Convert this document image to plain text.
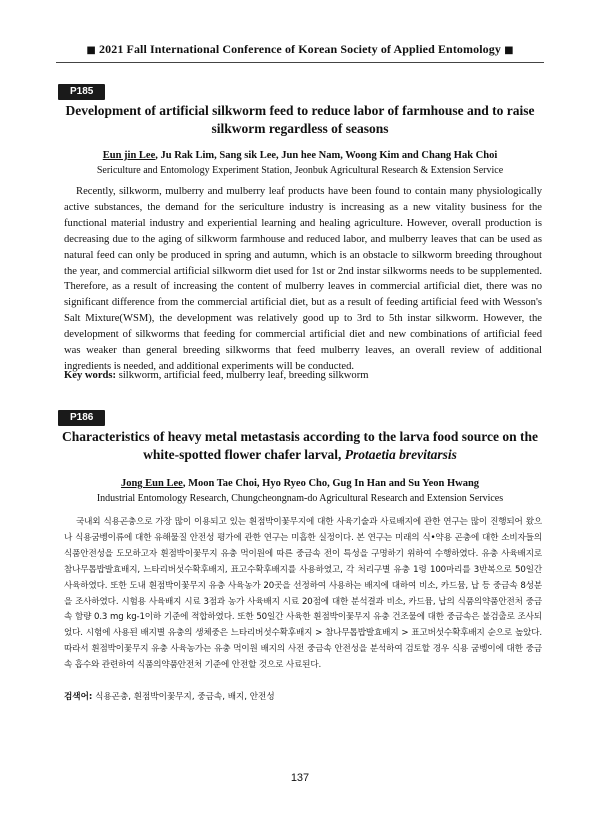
■ 2021 Fall International Conference of Korean Society of Applied Entomology ■
P185
Development of artificial silkworm feed to reduce labor of farmhouse and to raise silkworm regardless of seasons
Eun jin Lee, Ju Rak Lim, Sang sik Lee, Jun hee Nam, Woong Kim and Chang Hak Choi
Sericulture and Entomology Experiment Station, Jeonbuk Agricultural Research & Extension Service

Recently, silkworm, mulberry and mulberry leaf products have been found to contain many physiologically active substances, the demand for the sericulture industry is increasing as a new vitality business for the functional material industry and experiential learning and healing agriculture. However, overall production is decreasing due to the aging of silkworm farmhouse and reduced labor, and mulberry leaves that can be used as natural feed can only be produced in spring and autumn, which is an obstacle to silkworm breeding throughout the year, and commercial artificial silkworm diet used for 1st or 2nd instar silkworms needs to be supplemented. Therefore, as a result of increasing the content of mulberry leaves in commercial artificial diet, there was no significant difference from the commercial artificial diet, but as a result of feeding artificial feed with Wesson's Salt Mixture(WSM), the development was relatively good up to 3rd to 5th instar silkworm. However, the development of silkworms that feeding for commercial artificial diet and new combinations of artificial feed was weaker than general breeding silkworms that feed mulberry leaves, an overall review of additional ingredients is needed, and additional experiments will be conducted.

Key words: silkworm, artificial feed, mulberry leaf, breeding silkworm
P186
Characteristics of heavy metal metastasis according to the larva food source on the white-spotted flower chafer larval, Protaetia brevitarsis
Jong Eun Lee, Moon Tae Choi, Hyo Ryeo Cho, Gug In Han and Su Yeon Hwang
Industrial Entomology Research, Chungcheongnam-do Agricultural Research and Extension Services

국내외 식용곤충으로 가장 많이 이용되고 있는 흰점박이꽃무지에 대한 사육기술과 사료배지에 관한 연구는 많이 진행되어 왔으나 식용굼벵이류에 대한 유해물질 안전성 평가에 관한 연구는 미흡한 실정이다. 본 연구는 미래의 식•약용 곤충에 대한 소비자들의 식품안전성을 도모하고자 흰점박이꽃무지 유충 먹이원에 따른 중금속 전이 특성을 구명하기 위하여 수행하였다. 유충 사육배지로 참나무톱밥발효배지, 느타리버섯수확후배지, 표고수확후배지를 사용하였고, 각 처리구별 유충 1령 100마리를 3반복으로 50일간 사육하였다. 또한 도내 흰점박이꽃무지 유충 사육농가 20곳을 선정하여 사용하는 배지에 대하여 비소, 카드뮴, 납 등 중금속 8성분을 조사하였다. 시험용 사육배지 시료 3점과 농가 사육배지 시료 20점에 대한 분석결과 비소, 카드뮴, 납의 식품의약품안전처 중금속 함량 0.3 mg kg-1이하 기준에 적합하였다. 또한 50일간 사육한 흰점박이꽃무지 유충 건조물에 대한 중금속은 불검출로 조사되었다. 시험에 사용된 배지별 유충의 생체중은 느타리버섯수확후배지 > 참나무톱밥발효배지 > 표고버섯수확후배지 순으로 높았다. 따라서 흰점박이꽃무지 유충 사육농가는 유충 먹이원 배지의 사전 중금속 안전성을 분석하여 검토할 경우 식용 굼벵이에 대한 중금속 흡수와 관련하여 식품의약품안전처 기준에 안전할 것으로 사료된다.

검색어: 식용곤충, 흰점박이꽃무지, 중금속, 배지, 안전성
137
